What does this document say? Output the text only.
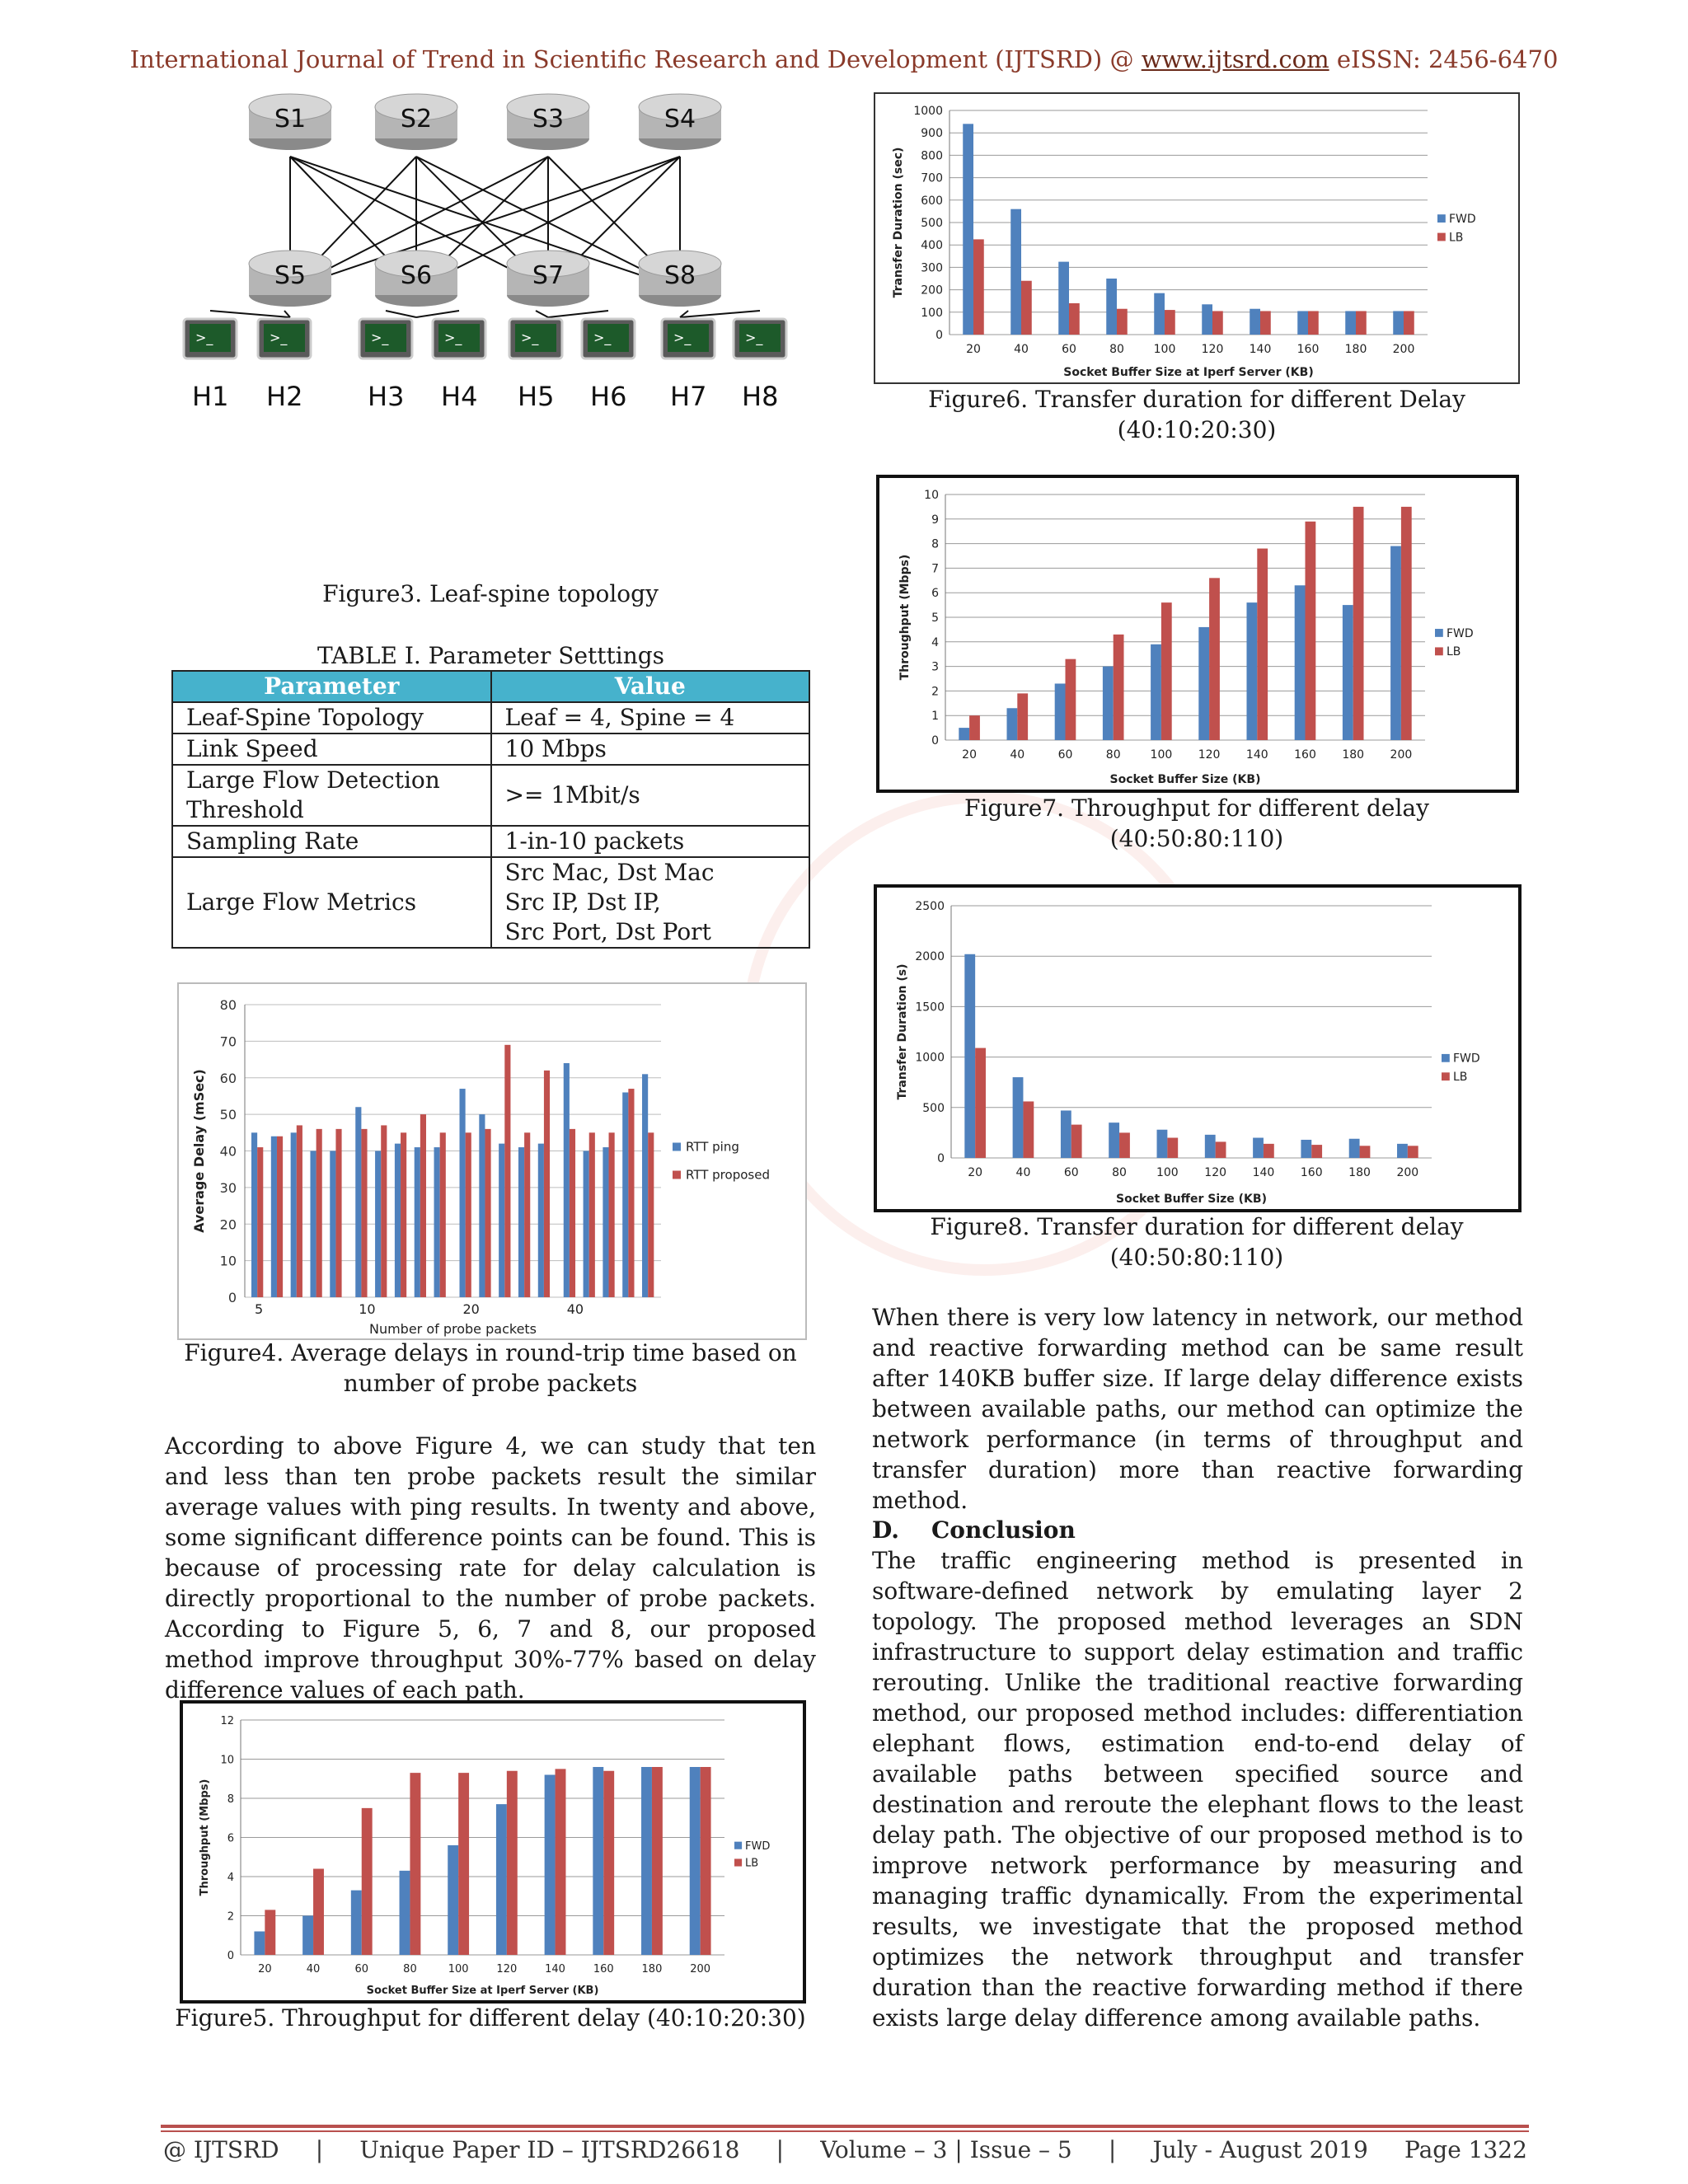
International Journal of Trend in Scientific Research and Development (IJTSRD) @ www.ijtsrd.com eISSN: 2456-6470
S1	S2	S3	S4
S5	S6	S7	S8
>_
H1
>_
H2
>_
H3
>_
H4
>_
H5
>_
H6
>_
H7
>_
H8
Figure3. Leaf-spine topology
TABLE I. Parameter Setttings
Parameter	Value
Leaf-Spine Topology	Leaf = 4, Spine = 4
Link Speed	10 Mbps
Large Flow Detection Threshold	>= 1Mbit/s
Sampling Rate	1-in-10 packets
Large Flow Metrics	Src Mac, Dst Mac
Src IP, Dst IP,
Src Port, Dst Port
0
10
20
30
40
50
60
70
80
Average Delay (mSec)
Number of probe packets
5	10	20	40
RTT ping
RTT proposed
Figure4. Average delays in round-trip time based on
number of probe packets
According to above Figure 4, we can study that ten and less than ten probe packets result the similar average values with ping results. In twenty and above, some significant difference points can be found. This is because of processing rate for delay calculation is directly proportional to the number of probe packets. According to Figure 5, 6, 7 and 8, our proposed method improve throughput 30%-77% based on delay difference values of each path.
0
2
4
6
8
10
12
Throughput (Mbps)
Socket Buffer Size at Iperf Server (KB)
20	40	60	80	100	120	140	160	180	200
FWD
LB
Figure5. Throughput for different delay (40:10:20:30)
0
100
200
300
400
500
600
700
800
900
1000
Transfer Duration (sec)
Socket Buffer Size at Iperf Server (KB)
20	40	60	80	100 120 140 160 180 200
FWD
LB
Figure6. Transfer duration for different Delay
(40:10:20:30)
0
1
2
3
4
5
6
7
8
9
10
Throughput (Mbps)
Socket Buffer Size (KB)
20	40	60	80	100 120 140 160 180 200
FWD
LB
Figure7. Throughput for different delay
(40:50:80:110)
0
500
1000
1500
2000
2500
Transfer Duration (s)
Socket Buffer Size (KB)
20	40	60	80	100 120 140 160 180 200
FWD
LB
Figure8. Transfer duration for different delay
(40:50:80:110)
When there is very low latency in network, our method and reactive forwarding method can be same result after 140KB buffer size. If large delay difference exists between available paths, our method can optimize the network performance (in terms of throughput and transfer duration) more than reactive forwarding method.
D.    Conclusion
The traffic engineering method is presented in software-defined network by emulating layer 2 topology. The proposed method leverages an SDN infrastructure to support delay estimation and traffic rerouting. Unlike the traditional reactive forwarding method, our proposed method includes: differentiation elephant flows, estimation end-to-end delay of available paths between specified source and destination and reroute the elephant flows to the least delay path. The objective of our proposed method is to improve network performance by measuring and managing traffic dynamically. From the experimental results, we investigate that the proposed method optimizes the network throughput and transfer duration than the reactive forwarding method if there exists large delay difference among available paths.
@ IJTSRD | Unique Paper ID – IJTSRD26618 | Volume – 3 | Issue – 5 | July - August 2019 Page 1322
